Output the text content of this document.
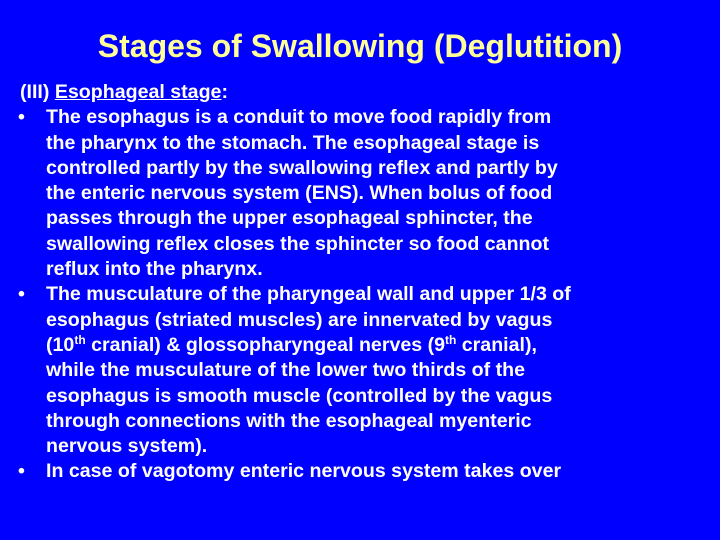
Stages of Swallowing (Deglutition)
(III) Esophageal stage:
• The esophagus is a conduit to move food rapidly from
the pharynx to the stomach. The esophageal stage is
controlled partly by the swallowing reflex and partly by
the enteric nervous system (ENS). When bolus of food
passes through the upper esophageal sphincter, the
swallowing reflex closes the sphincter so food cannot
reflux into the pharynx.
• The musculature of the pharyngeal wall and upper 1/3 of
esophagus (striated muscles) are innervated by vagus
(10th cranial) & glossopharyngeal nerves (9th cranial),
while the musculature of the lower two thirds of the
esophagus is smooth muscle (controlled by the vagus
through connections with the esophageal myenteric
nervous system).
• In case of vagotomy enteric nervous system takes over
